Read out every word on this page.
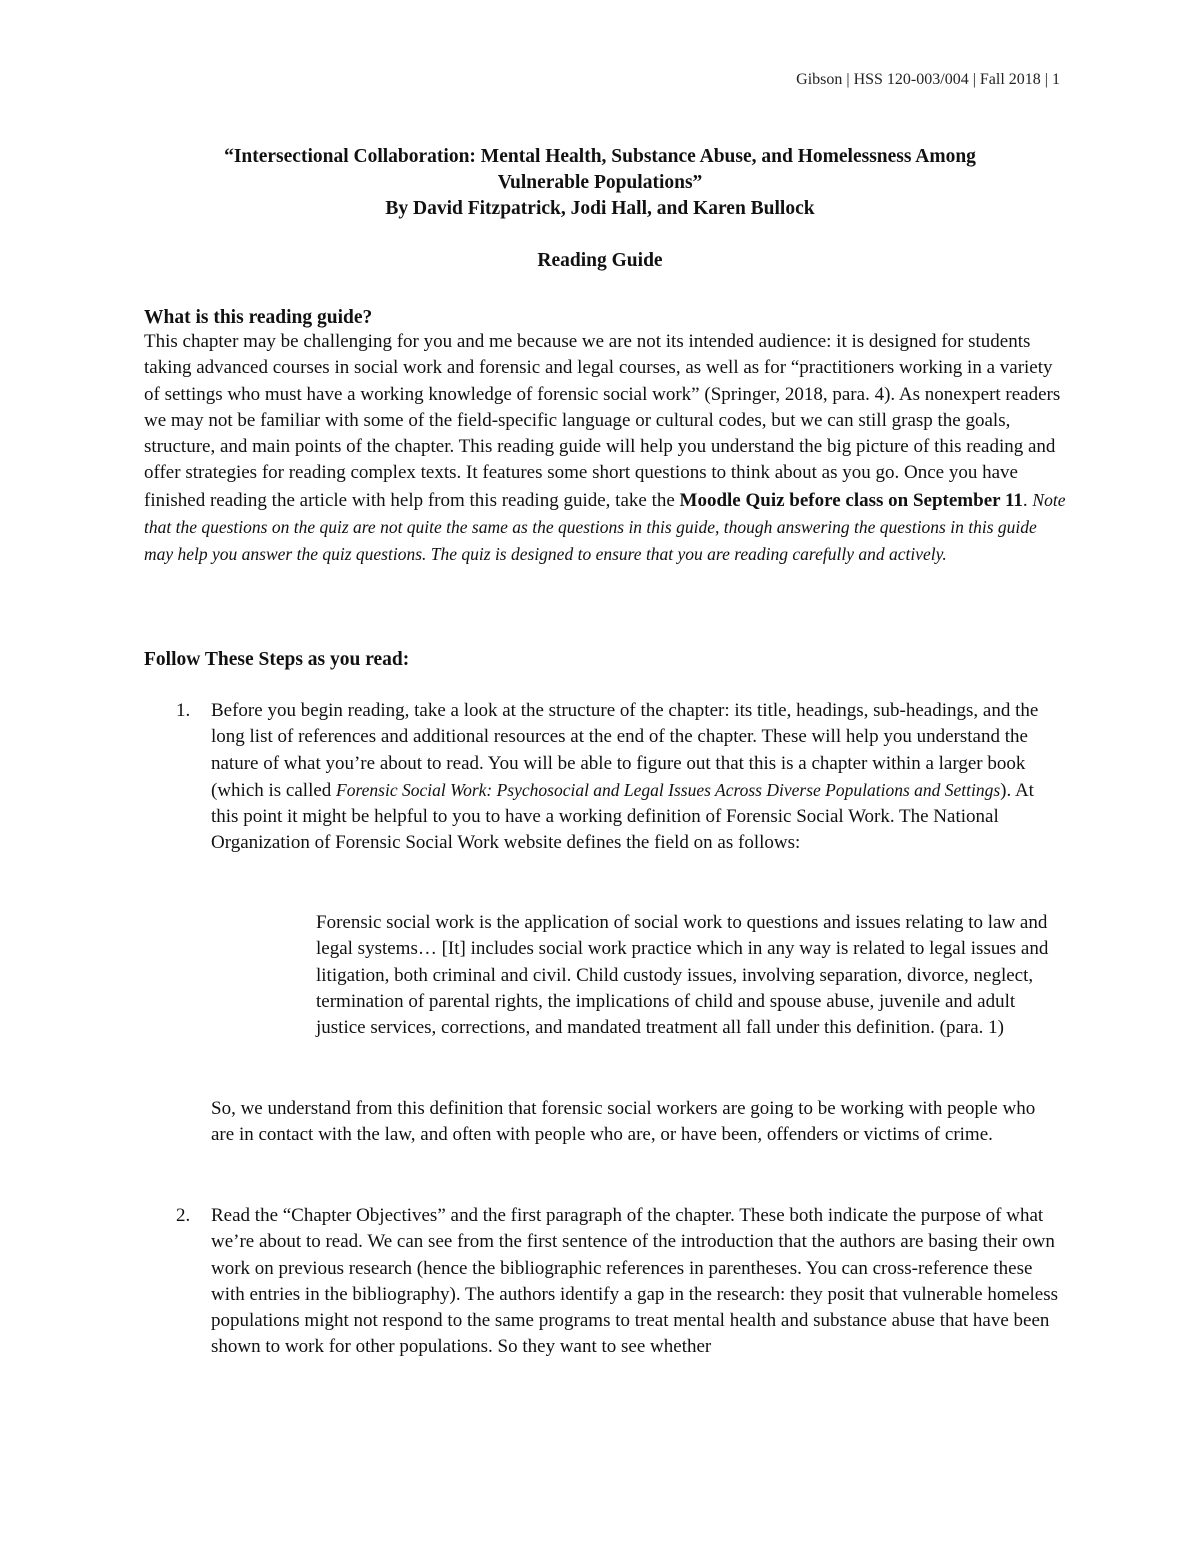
Gibson | HSS 120-003/004 | Fall 2018 | 1
“Intersectional Collaboration: Mental Health, Substance Abuse, and Homelessness Among
Vulnerable Populations”
By David Fitzpatrick, Jodi Hall, and Karen Bullock
Reading Guide
What is this reading guide?
This chapter may be challenging for you and me because we are not its intended audience: it is designed for students taking advanced courses in social work and forensic and legal courses, as well as for “practitioners working in a variety of settings who must have a working knowledge of forensic social work” (Springer, 2018, para. 4). As nonexpert readers we may not be familiar with some of the field-specific language or cultural codes, but we can still grasp the goals, structure, and main points of the chapter. This reading guide will help you understand the big picture of this reading and offer strategies for reading complex texts. It features some short questions to think about as you go. Once you have finished reading the article with help from this reading guide, take the Moodle Quiz before class on September 11. Note that the questions on the quiz are not quite the same as the questions in this guide, though answering the questions in this guide may help you answer the quiz questions. The quiz is designed to ensure that you are reading carefully and actively.
Follow These Steps as you read:
1. Before you begin reading, take a look at the structure of the chapter: its title, headings, sub-headings, and the long list of references and additional resources at the end of the chapter. These will help you understand the nature of what you’re about to read. You will be able to figure out that this is a chapter within a larger book (which is called Forensic Social Work: Psychosocial and Legal Issues Across Diverse Populations and Settings). At this point it might be helpful to you to have a working definition of Forensic Social Work. The National Organization of Forensic Social Work website defines the field on as follows:
Forensic social work is the application of social work to questions and issues relating to law and legal systems… [It] includes social work practice which in any way is related to legal issues and litigation, both criminal and civil. Child custody issues, involving separation, divorce, neglect, termination of parental rights, the implications of child and spouse abuse, juvenile and adult justice services, corrections, and mandated treatment all fall under this definition. (para. 1)
So, we understand from this definition that forensic social workers are going to be working with people who are in contact with the law, and often with people who are, or have been, offenders or victims of crime.
2. Read the “Chapter Objectives” and the first paragraph of the chapter. These both indicate the purpose of what we’re about to read. We can see from the first sentence of the introduction that the authors are basing their own work on previous research (hence the bibliographic references in parentheses. You can cross-reference these with entries in the bibliography). The authors identify a gap in the research: they posit that vulnerable homeless populations might not respond to the same programs to treat mental health and substance abuse that have been shown to work for other populations. So they want to see whether
